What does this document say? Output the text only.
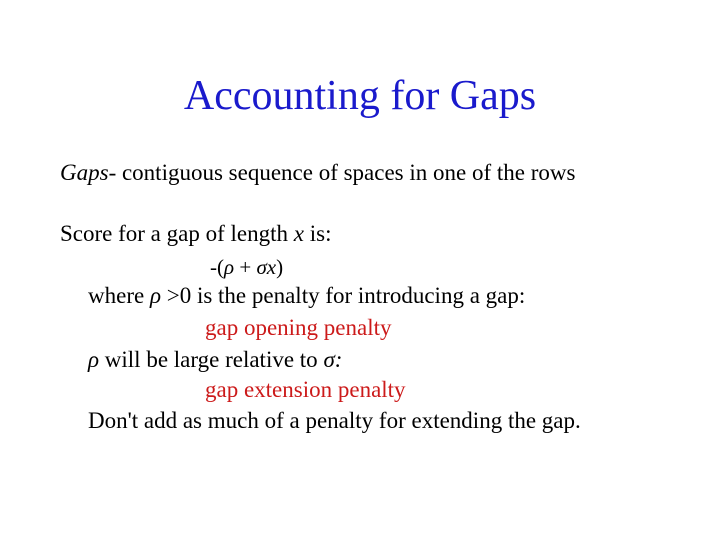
Accounting for Gaps
Gaps- contiguous sequence of spaces in one of the rows
Score for a gap of length x is:
-(ρ + σx)
where ρ >0 is the penalty for introducing a gap:
gap opening penalty
ρ will be large relative to σ:
gap extension penalty
Don't add as much of a penalty for extending the gap.
